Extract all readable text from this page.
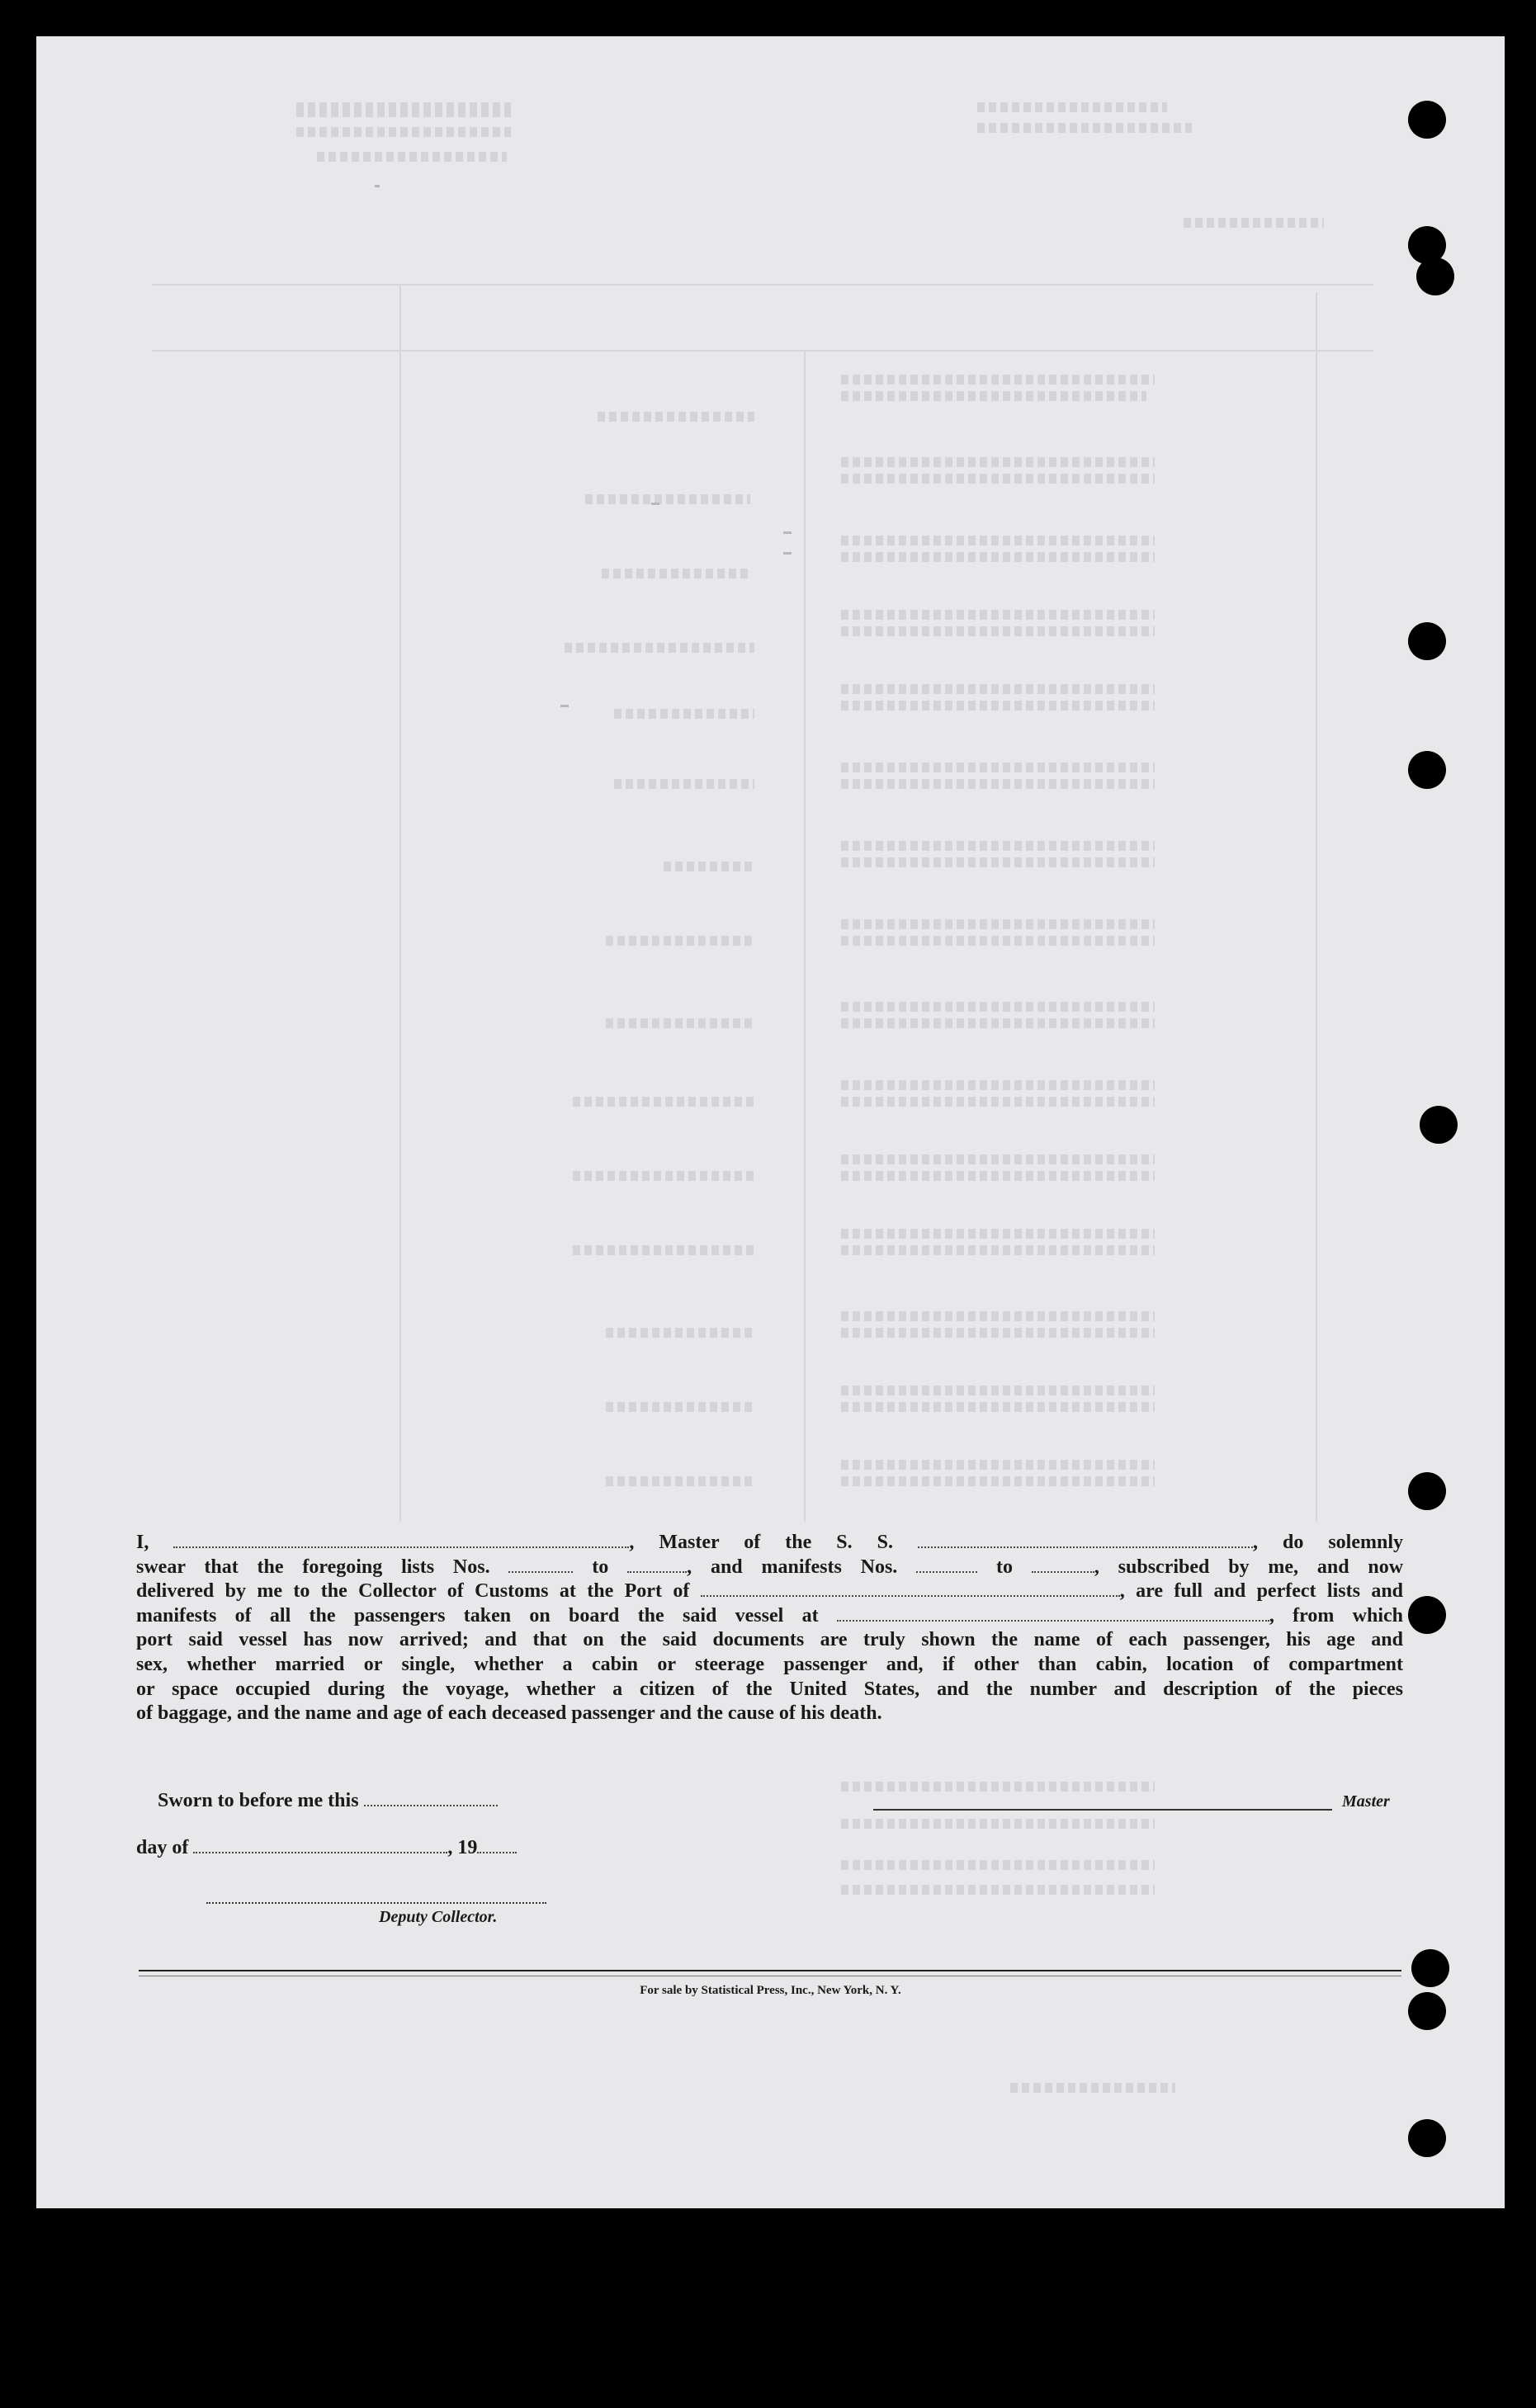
I,	, Master of the S. S.	, do solemnly
swear that the foregoing lists Nos.	to	, and manifests Nos.	to	, subscribed by me, and now
delivered by me to the Collector of Customs at the Port of	, are full and perfect lists and
manifests of all the passengers taken on board the said vessel at	, from which
port said vessel has now arrived; and that on the said documents are truly shown the name of each passenger, his age and
sex, whether married or single, whether a cabin or steerage passenger and, if other than cabin, location of compartment
or space occupied during the voyage, whether a citizen of the United States, and the number and description of the pieces
of baggage, and the name and age of each deceased passenger and the cause of his death.
Sworn to before me this	Master
day of	, 19
Deputy Collector.
For sale by Statistical Press, Inc., New York, N. Y.
